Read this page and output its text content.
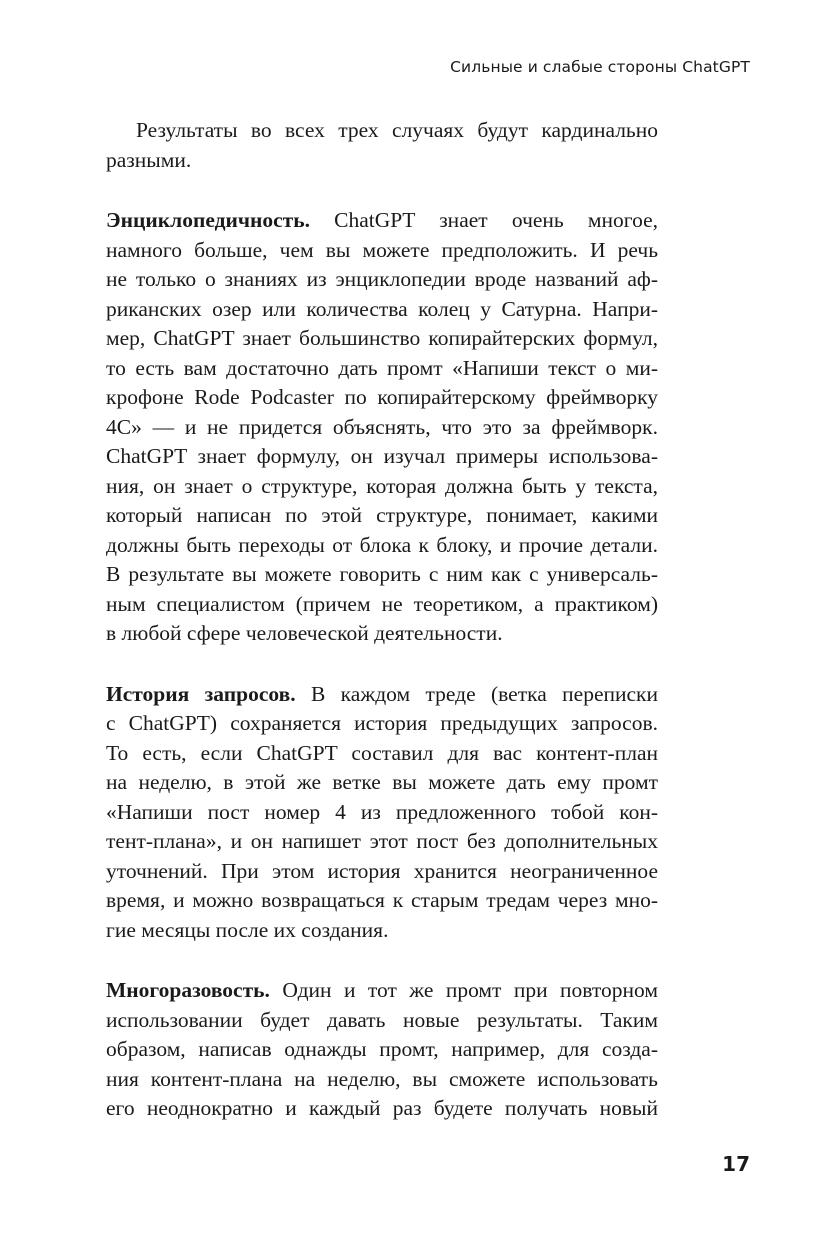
Сильные и слабые стороны ChatGPT
Результаты во всех трех случаях будут кардинально
разными.
Энциклопедичность. ChatGPT знает очень многое,
намного больше, чем вы можете предположить. И речь
не только о знаниях из энциклопедии вроде названий аф-
риканских озер или количества колец у Сатурна. Напри-
мер, ChatGPT знает большинство копирайтерских формул,
то есть вам достаточно дать промт «Напиши текст о ми-
крофоне Rode Podcaster по копирайтерскому фреймворку
4C» — и не придется объяснять, что это за фреймворк.
ChatGPT знает формулу, он изучал примеры использова-
ния, он знает о структуре, которая должна быть у текста,
который написан по этой структуре, понимает, какими
должны быть переходы от блока к блоку, и прочие детали.
В результате вы можете говорить с ним как с универсаль-
ным специалистом (причем не теоретиком, а практиком)
в любой сфере человеческой деятельности.
История запросов. В каждом треде (ветка переписки
с ChatGPT) сохраняется история предыдущих запросов.
То есть, если ChatGPT составил для вас контент-план
на неделю, в этой же ветке вы можете дать ему промт
«Напиши пост номер 4 из предложенного тобой кон-
тент-плана», и он напишет этот пост без дополнительных
уточнений. При этом история хранится неограниченное
время, и можно возвращаться к старым тредам через мно-
гие месяцы после их создания.
Многоразовость. Один и тот же промт при повторном
использовании будет давать новые результаты. Таким
образом, написав однажды промт, например, для созда-
ния контент-плана на неделю, вы сможете использовать
его неоднократно и каждый раз будете получать новый
17
